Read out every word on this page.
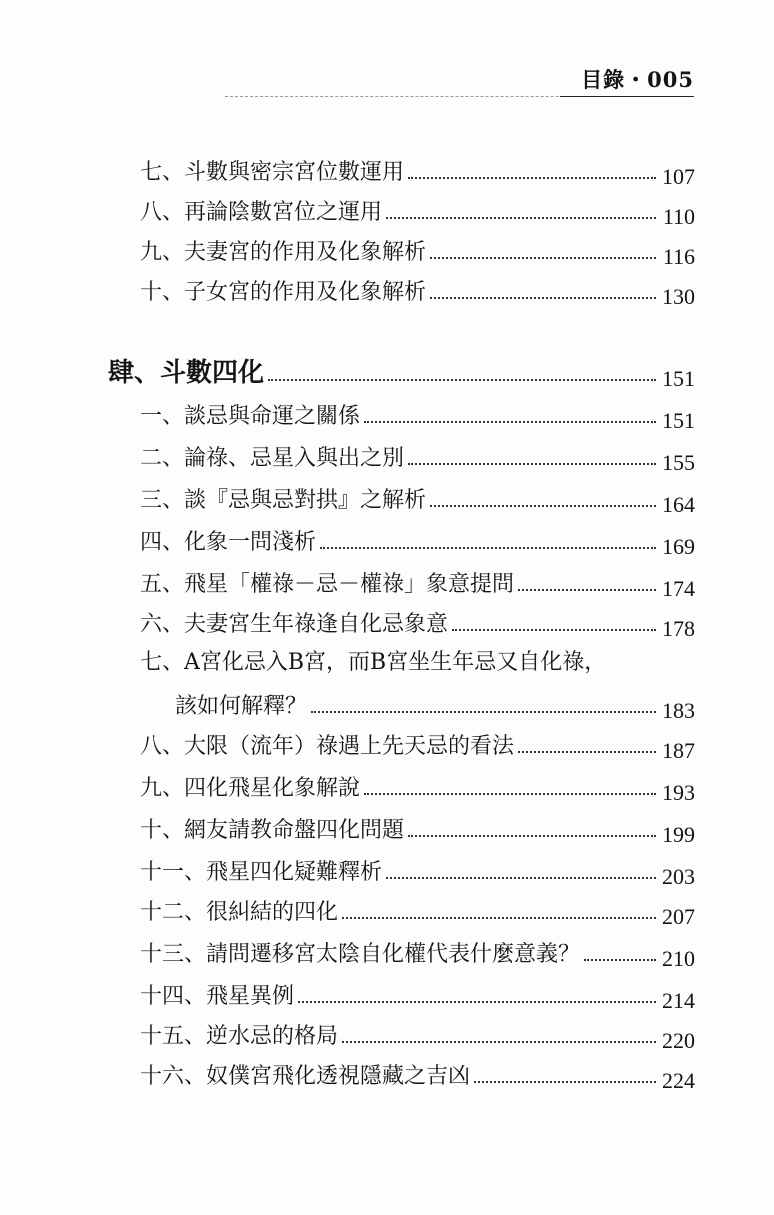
目錄・005
七、斗數與密宗宮位數運用	107
八、再論陰數宮位之運用	110
九、夫妻宮的作用及化象解析	116
十、子女宮的作用及化象解析	130
肆、斗數四化	151
一、談忌與命運之關係	151
二、論祿、忌星入與出之別	155
三、談『忌與忌對拱』之解析	164
四、化象一問淺析	169
五、飛星「權祿－忌－權祿」象意提問	174
六、夫妻宮生年祿逢自化忌象意	178
七、A宮化忌入B宮，而B宮坐生年忌又自化祿，
該如何解釋？	183
八、大限（流年）祿遇上先天忌的看法	187
九、四化飛星化象解說	193
十、網友請教命盤四化問題	199
十一、飛星四化疑難釋析	203
十二、很糾結的四化	207
十三、請問遷移宮太陰自化權代表什麼意義？	210
十四、飛星異例	214
十五、逆水忌的格局	220
十六、奴僕宮飛化透視隱藏之吉凶	224
